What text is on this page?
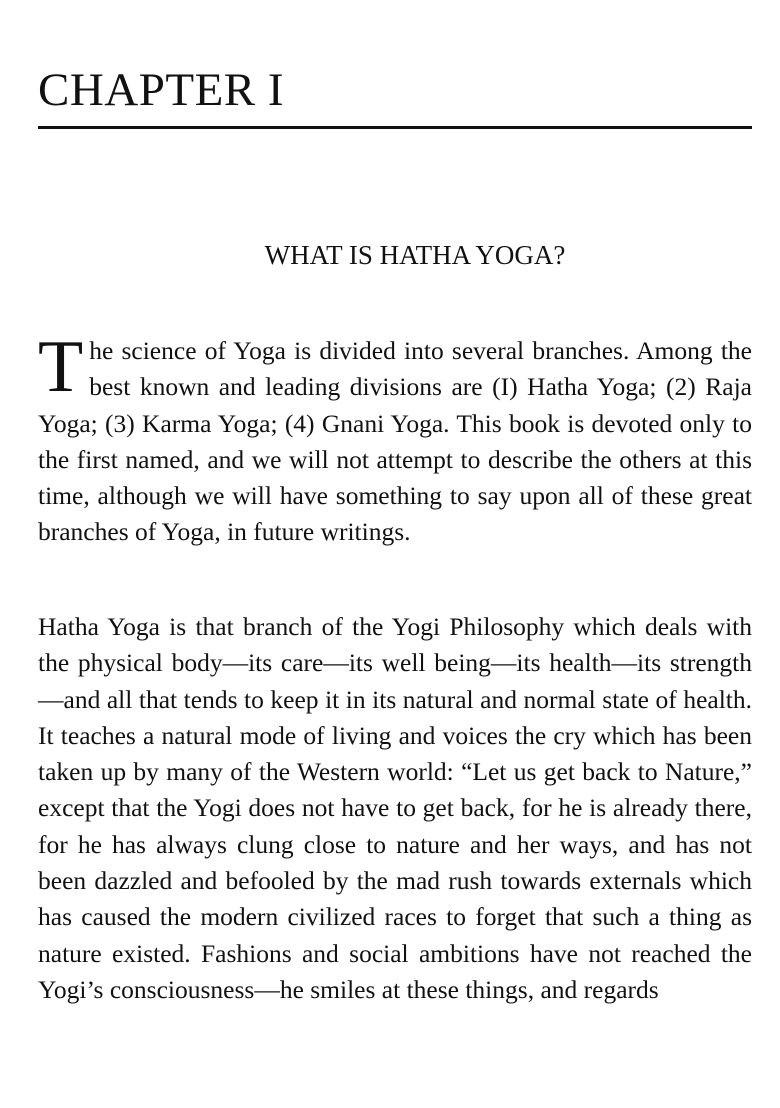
CHAPTER I
WHAT IS HATHA YOGA?

The science of Yoga is divided into several branches. Among the best known and leading divisions are (I) Hatha Yoga; (2) Raja Yoga; (3) Karma Yoga; (4) Gnani Yoga. This book is devoted only to the first named, and we will not attempt to describe the others at this time, although we will have something to say upon all of these great branches of Yoga, in future writings.

Hatha Yoga is that branch of the Yogi Philosophy which deals with the physical body—its care—its well being—its health—its strength—and all that tends to keep it in its natural and normal state of health. It teaches a natural mode of living and voices the cry which has been taken up by many of the Western world: “Let us get back to Nature,” except that the Yogi does not have to get back, for he is already there, for he has always clung close to nature and her ways, and has not been dazzled and befooled by the mad rush towards externals which has caused the modern civilized races to forget that such a thing as nature existed. Fashions and social ambitions have not reached the Yogi’s consciousness—he smiles at these things, and regards
